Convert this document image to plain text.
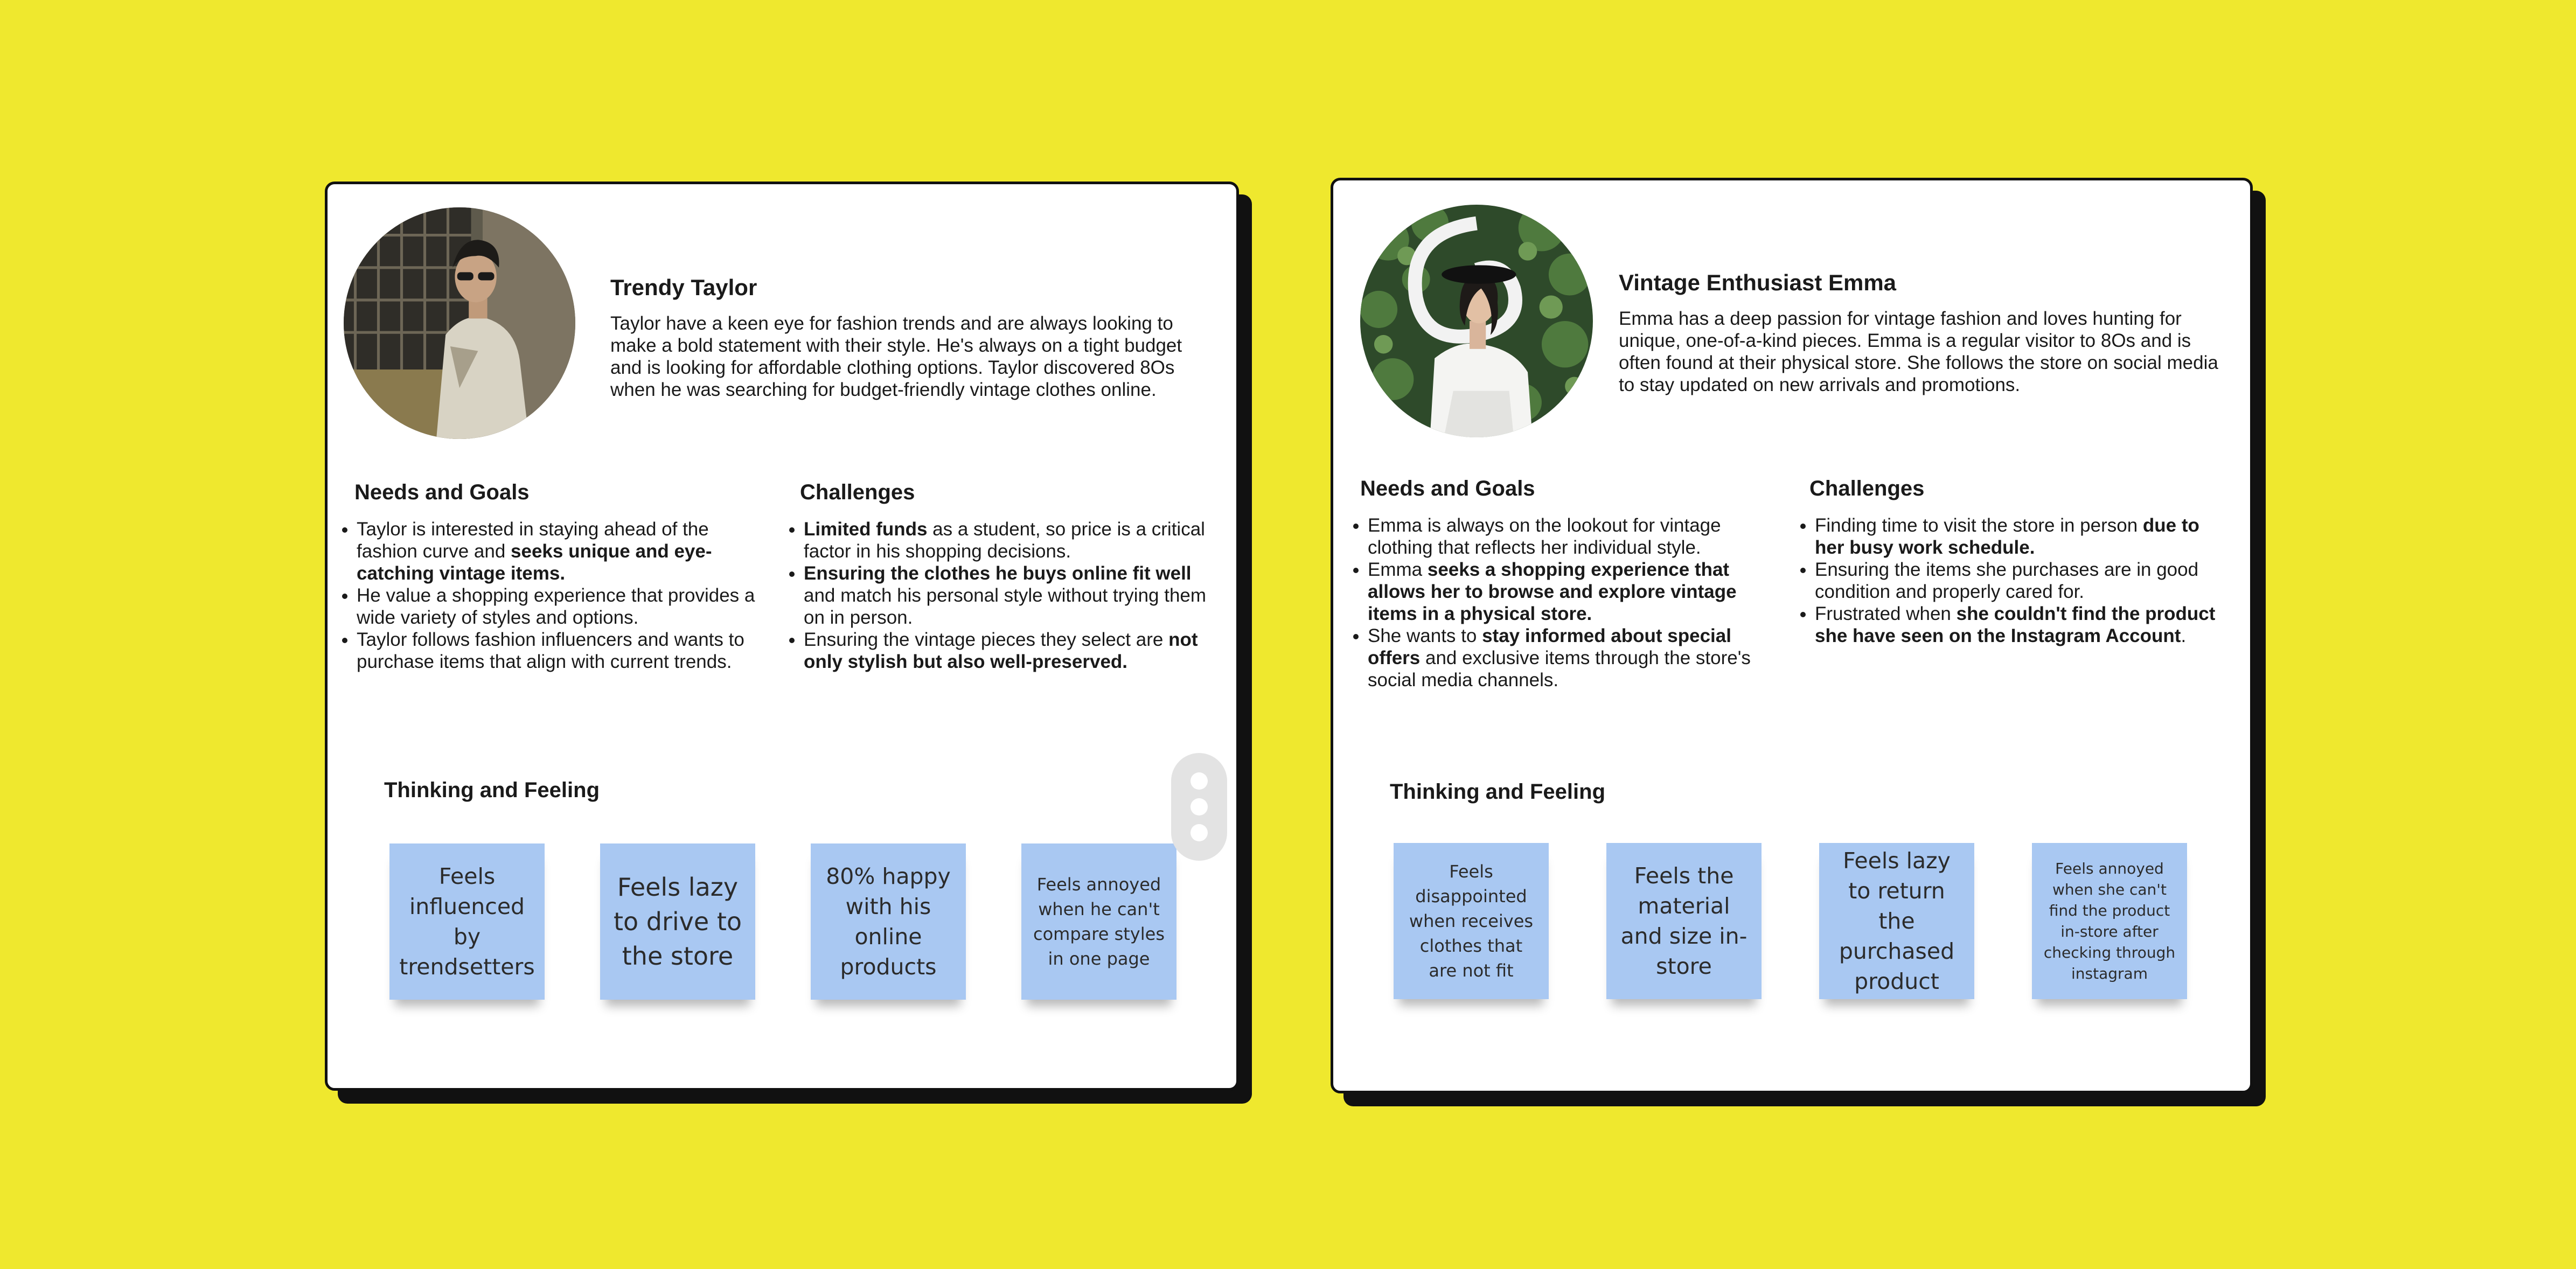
Trendy Taylor

Taylor have a keen eye for fashion trends and are always looking to make a bold statement with their style. He's always on a tight budget and is looking for affordable clothing options. Taylor discovered 8Os when he was searching for budget-friendly vintage clothes online.

Needs and Goals
• Taylor is interested in staying ahead of the fashion curve and seeks unique and eye-catching vintage items.
• He value a shopping experience that provides a wide variety of styles and options.
• Taylor follows fashion influencers and wants to purchase items that align with current trends.
Challenges
• Limited funds as a student, so price is a critical factor in his shopping decisions.
• Ensuring the clothes he buys online fit well and match his personal style without trying them on in person.
• Ensuring the vintage pieces they select are not only stylish but also well-preserved.
Thinking and Feeling
Feels influenced by trendsetters
Feels lazy to drive to the store
80% happy with his online products
Feels annoyed when he can't compare styles in one page
Vintage Enthusiast Emma

Emma has a deep passion for vintage fashion and loves hunting for unique, one-of-a-kind pieces. Emma is a regular visitor to 8Os and is often found at their physical store. She follows the store on social media to stay updated on new arrivals and promotions.

Needs and Goals
• Emma is always on the lookout for vintage clothing that reflects her individual style.
• Emma seeks a shopping experience that allows her to browse and explore vintage items in a physical store.
• She wants to stay informed about special offers and exclusive items through the store's social media channels.
Challenges
• Finding time to visit the store in person due to her busy work schedule.
• Ensuring the items she purchases are in good condition and properly cared for.
• Frustrated when she couldn't find the product she have seen on the Instagram Account.
Thinking and Feeling
Feels disappointed when receives clothes that are not fit
Feels the material and size in-store
Feels lazy to return the purchased product
Feels annoyed when she can't find the product in-store after checking through instagram
